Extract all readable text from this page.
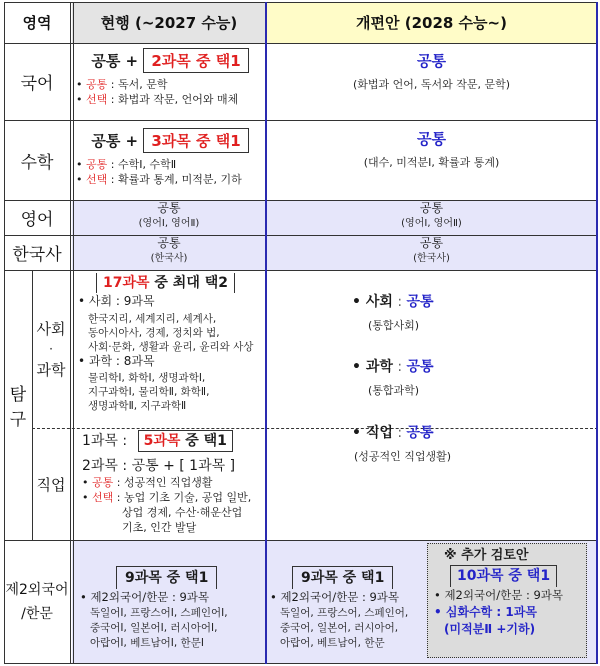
영역	현행 (~2027 수능)	개편안 (2028 수능~)
국어
공통 + 2과목 중 택1
• 공통 : 독서, 문학
• 선택 : 화법과 작문, 언어와 매체
공통
(화법과 언어, 독서와 작문, 문학)
수학
공통 + 3과목 중 택1
• 공통 : 수학Ⅰ, 수학Ⅱ
• 선택 : 확률과 통계, 미적분, 기하
공통
(대수, 미적분Ⅰ, 확률과 통계)
영어
공통
(영어Ⅰ, 영어Ⅱ)
공통
(영어Ⅰ, 영어Ⅱ)
한국사
공통
(한국사)
공통
(한국사)
탐
구
사회
·
과학
직업
17과목 중 최대 택2
• 사회 : 9과목
한국지리, 세계지리, 세계사,
동아시아사, 경제, 정치와 법,
사회·문화, 생활과 윤리, 윤리와 사상
• 과학 : 8과목
물리학Ⅰ, 화학Ⅰ, 생명과학Ⅰ,
지구과학Ⅰ, 물리학Ⅱ, 화학Ⅱ,
생명과학Ⅱ, 지구과학Ⅱ
1과목 : 5과목 중 택1
2과목 : 공통 + [ 1과목 ]
• 공통 : 성공적인 직업생활
• 선택 : 농업 기초 기술, 공업 일반,
상업 경제, 수산·해운산업
기초, 인간 발달
• 사회 : 공통
(통합사회)
• 과학 : 공통
(통합과학)
• 직업 : 공통
(성공적인 직업생활)
제2외국어
/한문
9과목 중 택1
• 제2외국어/한문 : 9과목
독일어Ⅰ, 프랑스어Ⅰ, 스페인어Ⅰ,
중국어Ⅰ, 일본어Ⅰ, 러시아어Ⅰ,
아랍어Ⅰ, 베트남어Ⅰ, 한문Ⅰ
9과목 중 택1
• 제2외국어/한문 : 9과목
독일어, 프랑스어, 스페인어,
중국어, 일본어, 러시아어,
아랍어, 베트남어, 한문
※ 추가 검토안
10과목 중 택1
• 제2외국어/한문 : 9과목
• 심화수학 : 1과목
(미적분Ⅱ +기하)
